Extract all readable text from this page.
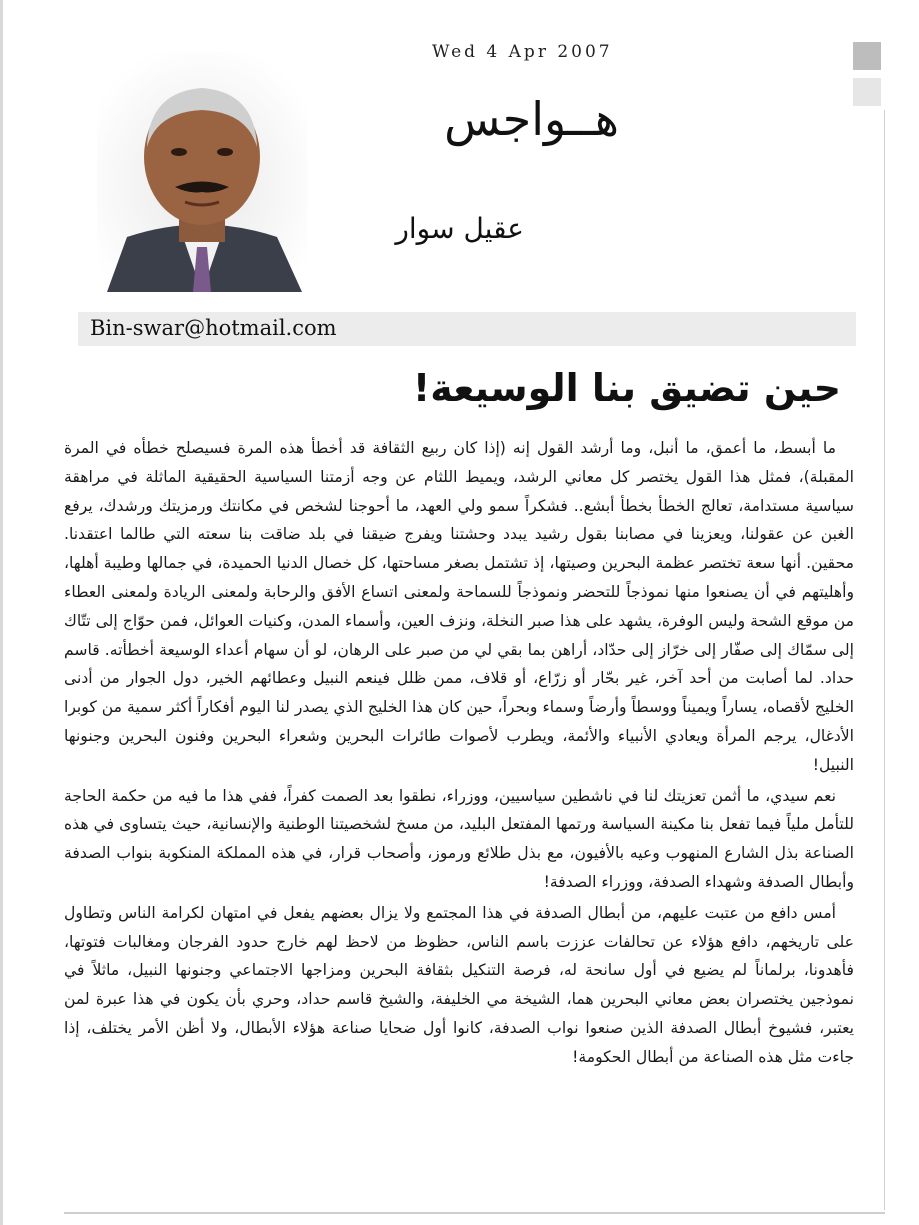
Wed 4 Apr 2007
هــواجس
عقيل سوار
Bin-swar@hotmail.com
حين تضيق بنا الوسيعة!

ما أبسط، ما أعمق، ما أنبل، وما أرشد القول إنه (إذا كان ربيع الثقافة قد أخطأ هذه المرة فسيصلح خطأه في المرة المقبلة)، فمثل هذا القول يختصر كل معاني الرشد، ويميط اللثام عن وجه أزمتنا السياسية الحقيقية الماثلة في مراهقة سياسية مستدامة، تعالج الخطأ بخطأ أبشع.. فشكراً سمو ولي العهد، ما أحوجنا لشخص في مكانتك ورمزيتك ورشدك، يرفع الغبن عن عقولنا، ويعزينا في مصابنا بقول رشيد يبدد وحشتنا ويفرج ضيقنا في بلد ضاقت بنا سعته التي طالما اعتقدنا. محقين. أنها سعة تختصر عظمة البحرين وصيتها، إذ تشتمل بصغر مساحتها، كل خصال الدنيا الحميدة، في جمالها وطيبة أهلها، وأهليتهم في أن يصنعوا منها نموذجاً للتحضر ونموذجاً للسماحة ولمعنى اتساع الأفق والرحابة ولمعنى الريادة ولمعنى العطاء من موقع الشحة وليس الوفرة، يشهد على هذا صبر النخلة، ونزف العين، وأسماء المدن، وكنيات العوائل، فمن حوّاج إلى تتّاك إلى سمّاك إلى صفّار إلى خرّاز إلى حدّاد، أراهن بما بقي لي من صبر على الرهان، لو أن سهام أعداء الوسيعة أخطأته. قاسم حداد. لما أصابت من أحد آخر، غير بحّار أو زرّاع، أو قلاف، ممن ظلل فينعم النبيل وعطائهم الخير، دول الجوار من أدنى الخليج لأقصاه، يساراً ويميناً ووسطاً وأرضاً وسماء وبحراً، حين كان هذا الخليج الذي يصدر لنا اليوم أفكاراً أكثر سمية من كوبرا الأدغال، يرجم المرأة ويعادي الأنبياء والأئمة، ويطرب لأصوات طائرات البحرين وشعراء البحرين وفنون البحرين وجنونها النبيل!

نعم سيدي، ما أثمن تعزيتك لنا في ناشطين سياسيين، ووزراء، نطقوا بعد الصمت كفراً، ففي هذا ما فيه من حكمة الحاجة للتأمل ملياً فيما تفعل بنا مكينة السياسة ورتمها المفتعل البليد، من مسخ لشخصيتنا الوطنية والإنسانية، حيث يتساوى في هذه الصناعة بذل الشارع المنهوب وعيه بالأفيون، مع بذل طلائع ورموز، وأصحاب قرار، في هذه المملكة المنكوبة بنواب الصدفة وأبطال الصدفة وشهداء الصدفة، ووزراء الصدفة!

أمس دافع من عتبت عليهم، من أبطال الصدفة في هذا المجتمع ولا يزال بعضهم يفعل في امتهان لكرامة الناس وتطاول على تاريخهم، دافع هؤلاء عن تحالفات عززت باسم الناس، حظوظ من لاحظ لهم خارج حدود الفرجان ومغالبات فتوتها، فأهدونا، برلماناً لم يضيع في أول سانحة له، فرصة التنكيل بثقافة البحرين ومزاجها الاجتماعي وجنونها النبيل، ماثلاً في نموذجين يختصران بعض معاني البحرين هما، الشيخة مي الخليفة، والشيخ قاسم حداد، وحري بأن يكون في هذا عبرة لمن يعتبر، فشيوخ أبطال الصدفة الذين صنعوا نواب الصدفة، كانوا أول ضحايا صناعة هؤلاء الأبطال، ولا أظن الأمر يختلف، إذا جاءت مثل هذه الصناعة من أبطال الحكومة!
